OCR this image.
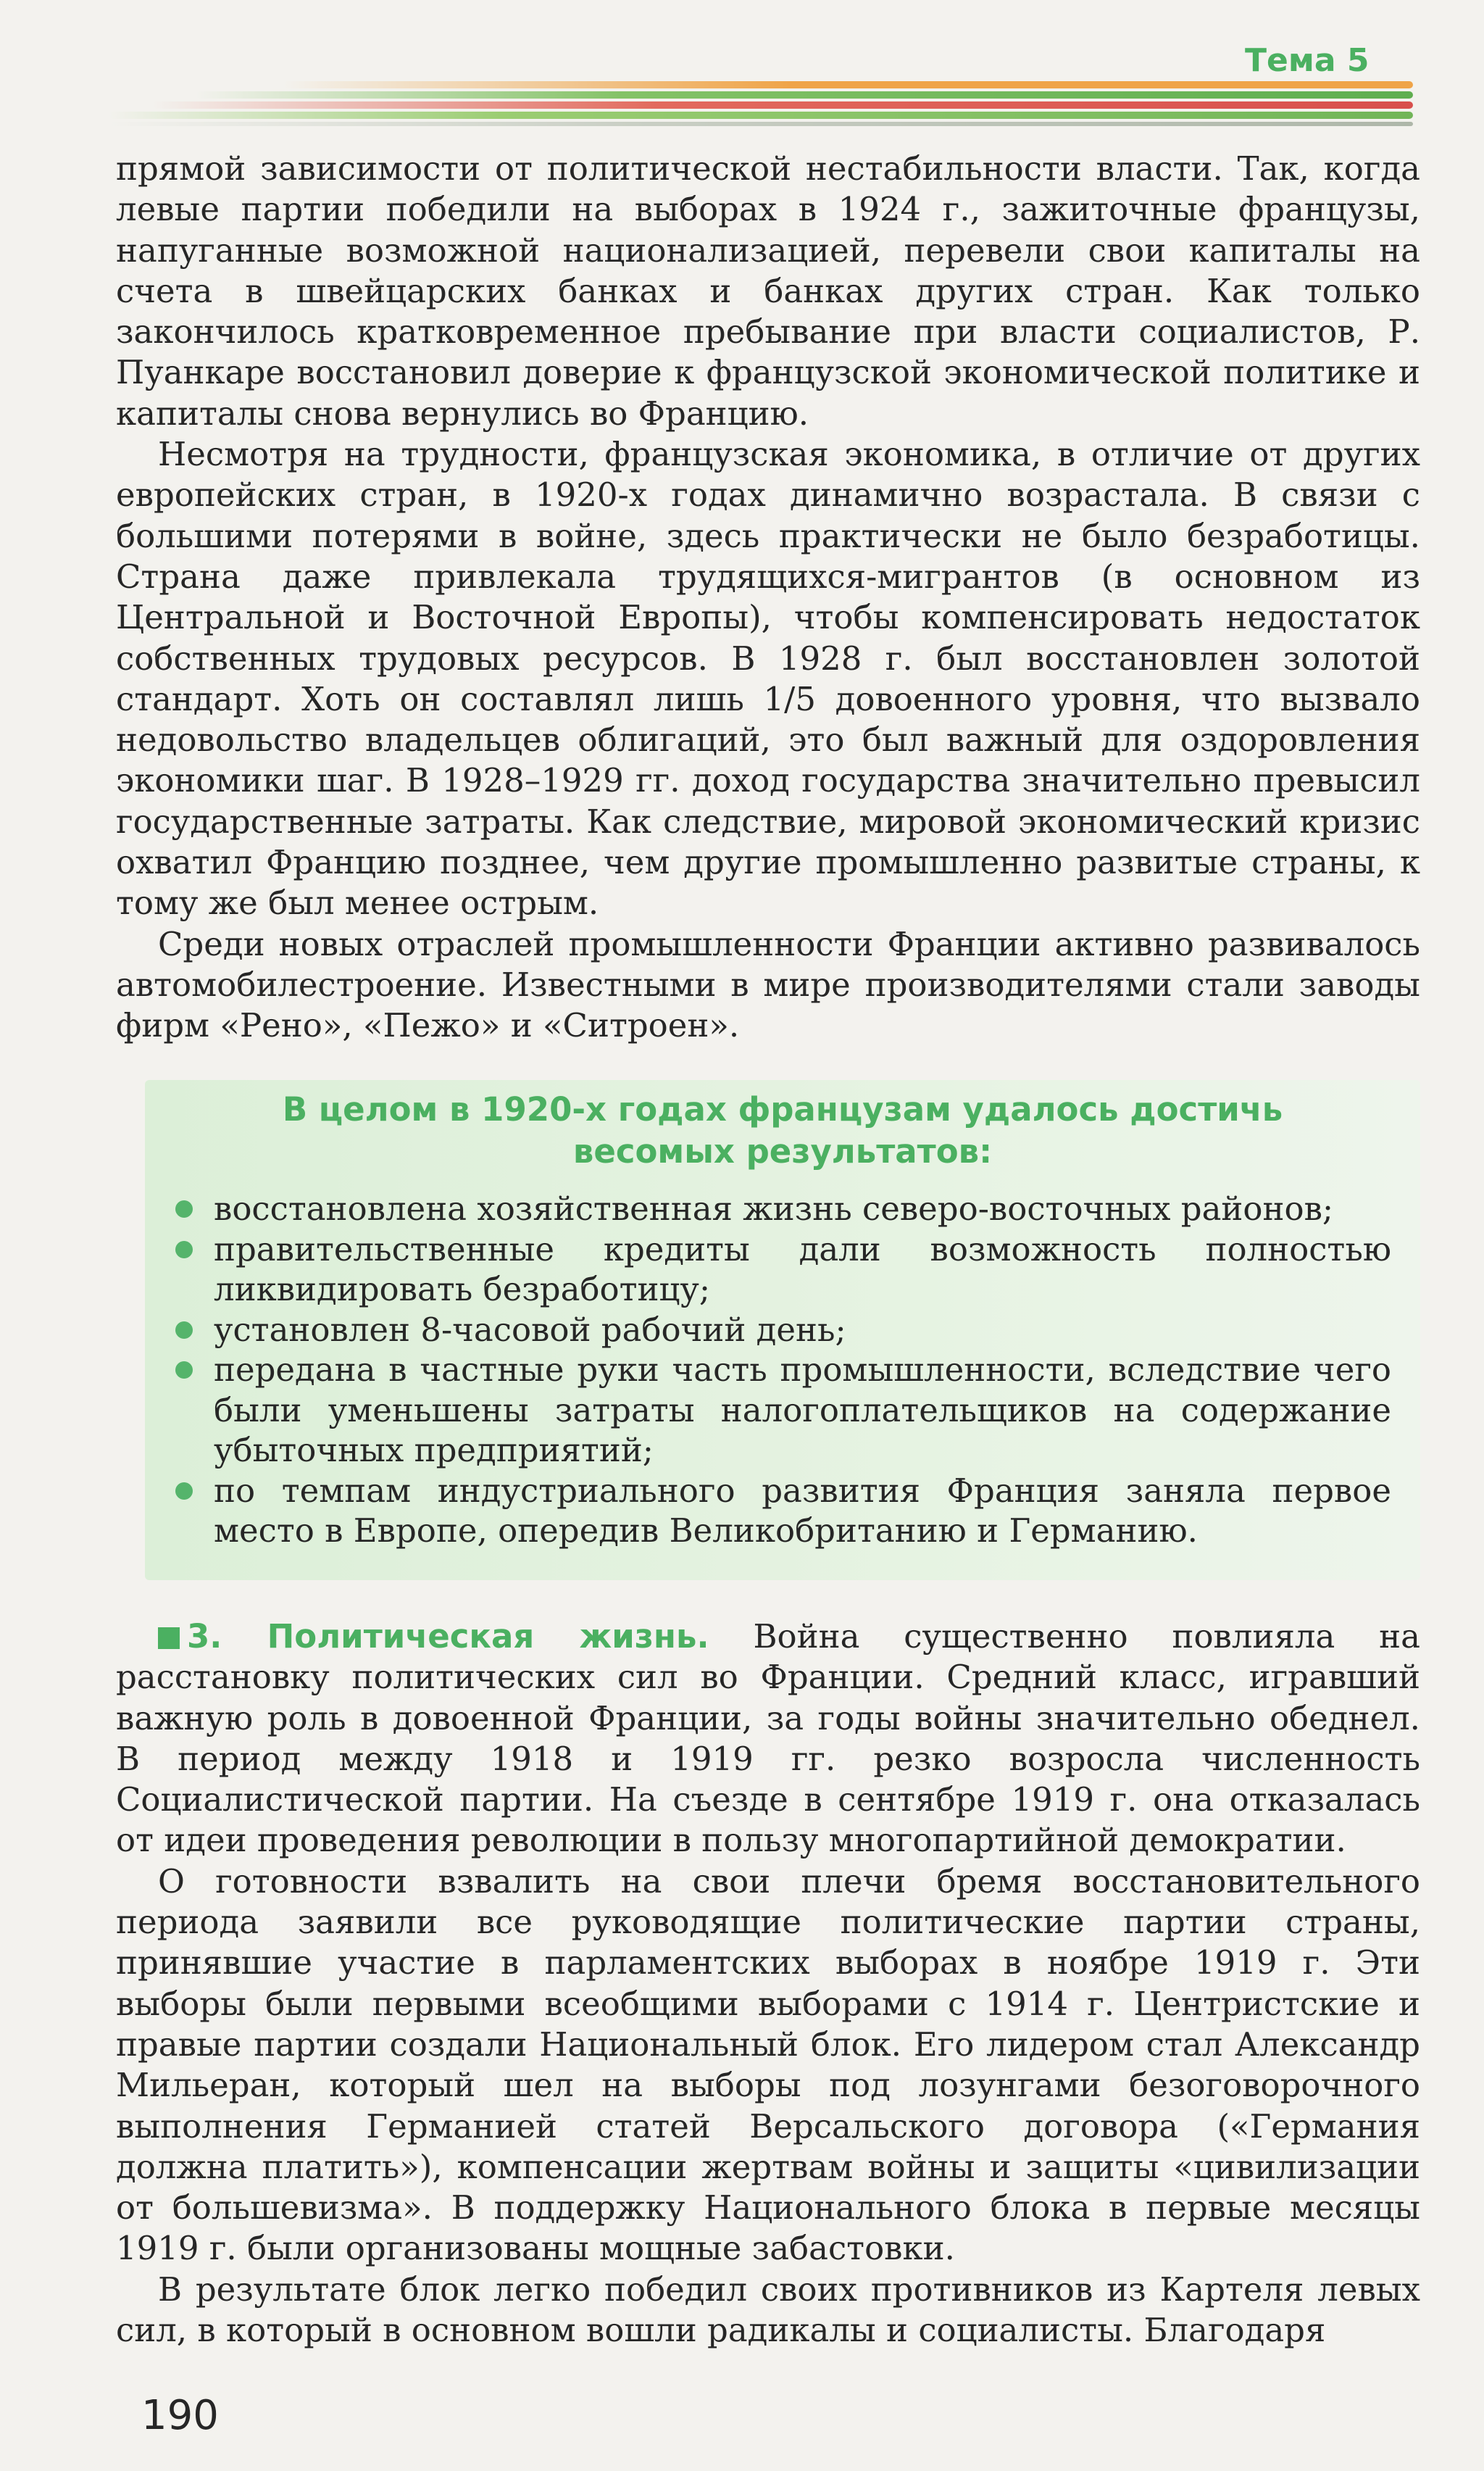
Тема 5

прямой зависимости от политической нестабильности власти. Так, когда левые партии победили на выборах в 1924 г., зажиточные французы, напуганные возможной национализацией, перевели свои капиталы на счета в швейцарских банках и банках других стран. Как только закончилось кратковременное пребывание при власти социалистов, Р. Пуанкаре восстановил доверие к французской экономической политике и капиталы снова вернулись во Францию.

Несмотря на трудности, французская экономика, в отличие от других европейских стран, в 1920-х годах динамично возрастала. В связи с большими потерями в войне, здесь практически не было безработицы. Страна даже привлекала трудящихся-мигрантов (в основном из Центральной и Восточной Европы), чтобы компенсировать недостаток собственных трудовых ресурсов. В 1928 г. был восстановлен золотой стандарт. Хоть он составлял лишь 1/5 довоенного уровня, что вызвало недовольство владельцев облигаций, это был важный для оздоровления экономики шаг. В 1928–1929 гг. доход государства значительно превысил государственные затраты. Как следствие, мировой экономический кризис охватил Францию позднее, чем другие промышленно развитые страны, к тому же был менее острым.

Среди новых отраслей промышленности Франции активно развивалось автомобилестроение. Известными в мире производителями стали заводы фирм «Рено», «Пежо» и «Ситроен».

В целом в 1920-х годах французам удалось достичь
весомых результатов:
восстановлена хозяйственная жизнь северо-восточных районов;
правительственные кредиты дали возможность полностью ликвидировать безработицу;
установлен 8-часовой рабочий день;
передана в частные руки часть промышленности, вследствие чего были уменьшены затраты налогоплательщиков на содержание убыточных предприятий;
по темпам индустриального развития Франция заняла первое место в Европе, опередив Великобританию и Германию.

3. Политическая жизнь. Война существенно повлияла на расстановку политических сил во Франции. Средний класс, игравший важную роль в довоенной Франции, за годы войны значительно обеднел. В период между 1918 и 1919 гг. резко возросла численность Социалистической партии. На съезде в сентябре 1919 г. она отказалась от идеи проведения революции в пользу многопартийной демократии.

О готовности взвалить на свои плечи бремя восстановительного периода заявили все руководящие политические партии страны, принявшие участие в парламентских выборах в ноябре 1919 г. Эти выборы были первыми всеобщими выборами с 1914 г. Центристские и правые партии создали Национальный блок. Его лидером стал Александр Мильеран, который шел на выборы под лозунгами безоговорочного выполнения Германией статей Версальского договора («Германия должна платить»), компенсации жертвам войны и защиты «цивилизации от большевизма». В поддержку Национального блока в первые месяцы 1919 г. были организованы мощные забастовки.

В результате блок легко победил своих противников из Картеля левых сил, в который в основном вошли радикалы и социалисты. Благодаря

190
